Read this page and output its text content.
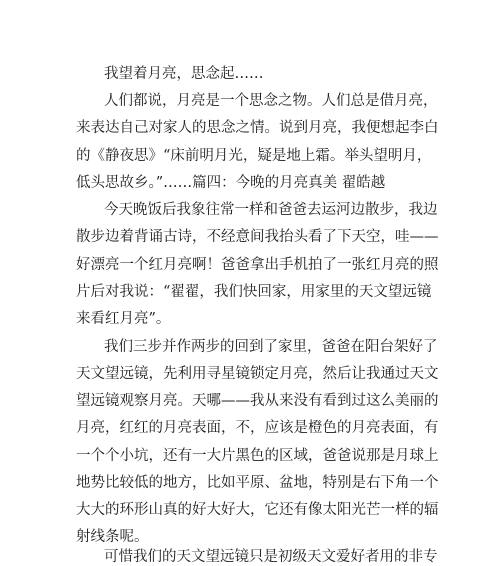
我望着月亮，思念起……
人们都说，月亮是一个思念之物。人们总是借月亮，
来表达自己对家人的思念之情。说到月亮，我便想起李白
的《静夜思》“床前明月光，疑是地上霜。举头望明月，
低头思故乡。”……篇四：今晚的月亮真美 翟皓越
今天晚饭后我象往常一样和爸爸去运河边散步，我边
散步边着背诵古诗，不经意间我抬头看了下天空，哇——
好漂亮一个红月亮啊！爸爸拿出手机拍了一张红月亮的照
片后对我说：“翟翟，我们快回家，用家里的天文望远镜
来看红月亮”。
我们三步并作两步的回到了家里，爸爸在阳台架好了
天文望远镜，先利用寻星镜锁定月亮，然后让我通过天文
望远镜观察月亮。天哪——我从来没有看到过这么美丽的
月亮，红红的月亮表面，不，应该是橙色的月亮表面，有
一个个小坑，还有一大片黑色的区域，爸爸说那是月球上
地势比较低的地方，比如平原、盆地，特别是右下角一个
大大的环形山真的好大好大，它还有像太阳光芒一样的辐
射线条呢。
可惜我们的天文望远镜只是初级天文爱好者用的非专
